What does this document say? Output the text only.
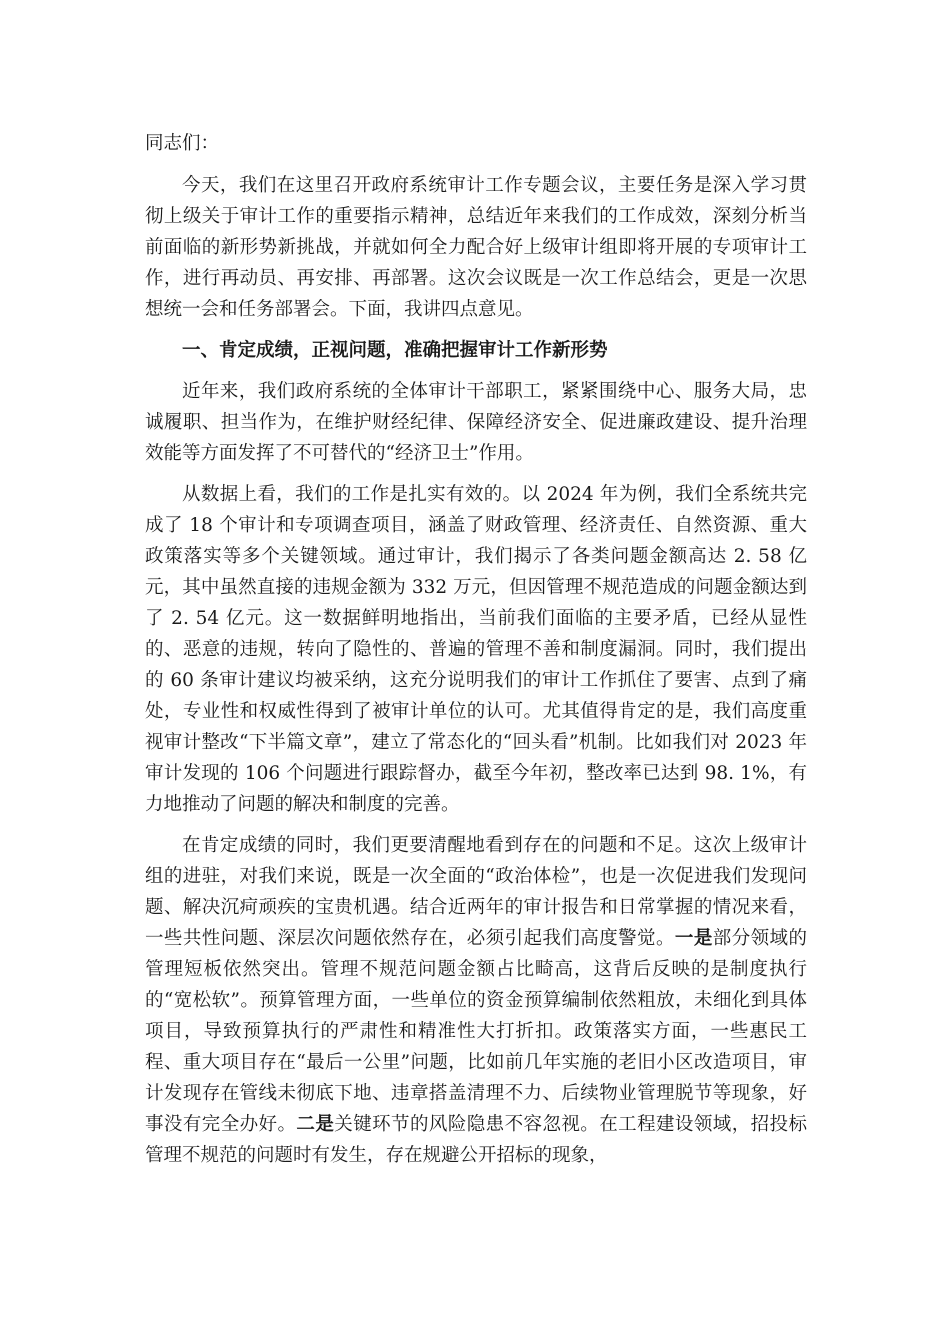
同志们：

今天，我们在这里召开政府系统审计工作专题会议，主要任务是深入学习贯彻上级关于审计工作的重要指示精神，总结近年来我们的工作成效，深刻分析当前面临的新形势新挑战，并就如何全力配合好上级审计组即将开展的专项审计工作，进行再动员、再安排、再部署。这次会议既是一次工作总结会，更是一次思想统一会和任务部署会。下面，我讲四点意见。

一、肯定成绩，正视问题，准确把握审计工作新形势

近年来，我们政府系统的全体审计干部职工，紧紧围绕中心、服务大局，忠诚履职、担当作为，在维护财经纪律、保障经济安全、促进廉政建设、提升治理效能等方面发挥了不可替代的“经济卫士”作用。

从数据上看，我们的工作是扎实有效的。以 2024 年为例，我们全系统共完成了 18 个审计和专项调查项目，涵盖了财政管理、经济责任、自然资源、重大政策落实等多个关键领域。通过审计，我们揭示了各类问题金额高达 2. 58 亿元，其中虽然直接的违规金额为 332 万元，但因管理不规范造成的问题金额达到了 2. 54 亿元。这一数据鲜明地指出，当前我们面临的主要矛盾，已经从显性的、恶意的违规，转向了隐性的、普遍的管理不善和制度漏洞。同时，我们提出的 60 条审计建议均被采纳，这充分说明我们的审计工作抓住了要害、点到了痛处，专业性和权威性得到了被审计单位的认可。尤其值得肯定的是，我们高度重视审计整改“下半篇文章”，建立了常态化的“回头看”机制。比如我们对 2023 年审计发现的 106 个问题进行跟踪督办，截至今年初，整改率已达到 98. 1%，有力地推动了问题的解决和制度的完善。

在肯定成绩的同时，我们更要清醒地看到存在的问题和不足。这次上级审计组的进驻，对我们来说，既是一次全面的“政治体检”，也是一次促进我们发现问题、解决沉疴顽疾的宝贵机遇。结合近两年的审计报告和日常掌握的情况来看，一些共性问题、深层次问题依然存在，必须引起我们高度警觉。一是部分领域的管理短板依然突出。管理不规范问题金额占比畸高，这背后反映的是制度执行的“宽松软”。预算管理方面，一些单位的资金预算编制依然粗放，未细化到具体项目，导致预算执行的严肃性和精准性大打折扣。政策落实方面，一些惠民工程、重大项目存在“最后一公里”问题，比如前几年实施的老旧小区改造项目，审计发现存在管线未彻底下地、违章搭盖清理不力、后续物业管理脱节等现象，好事没有完全办好。二是关键环节的风险隐患不容忽视。在工程建设领域，招投标管理不规范的问题时有发生，存在规避公开招标的现象，
